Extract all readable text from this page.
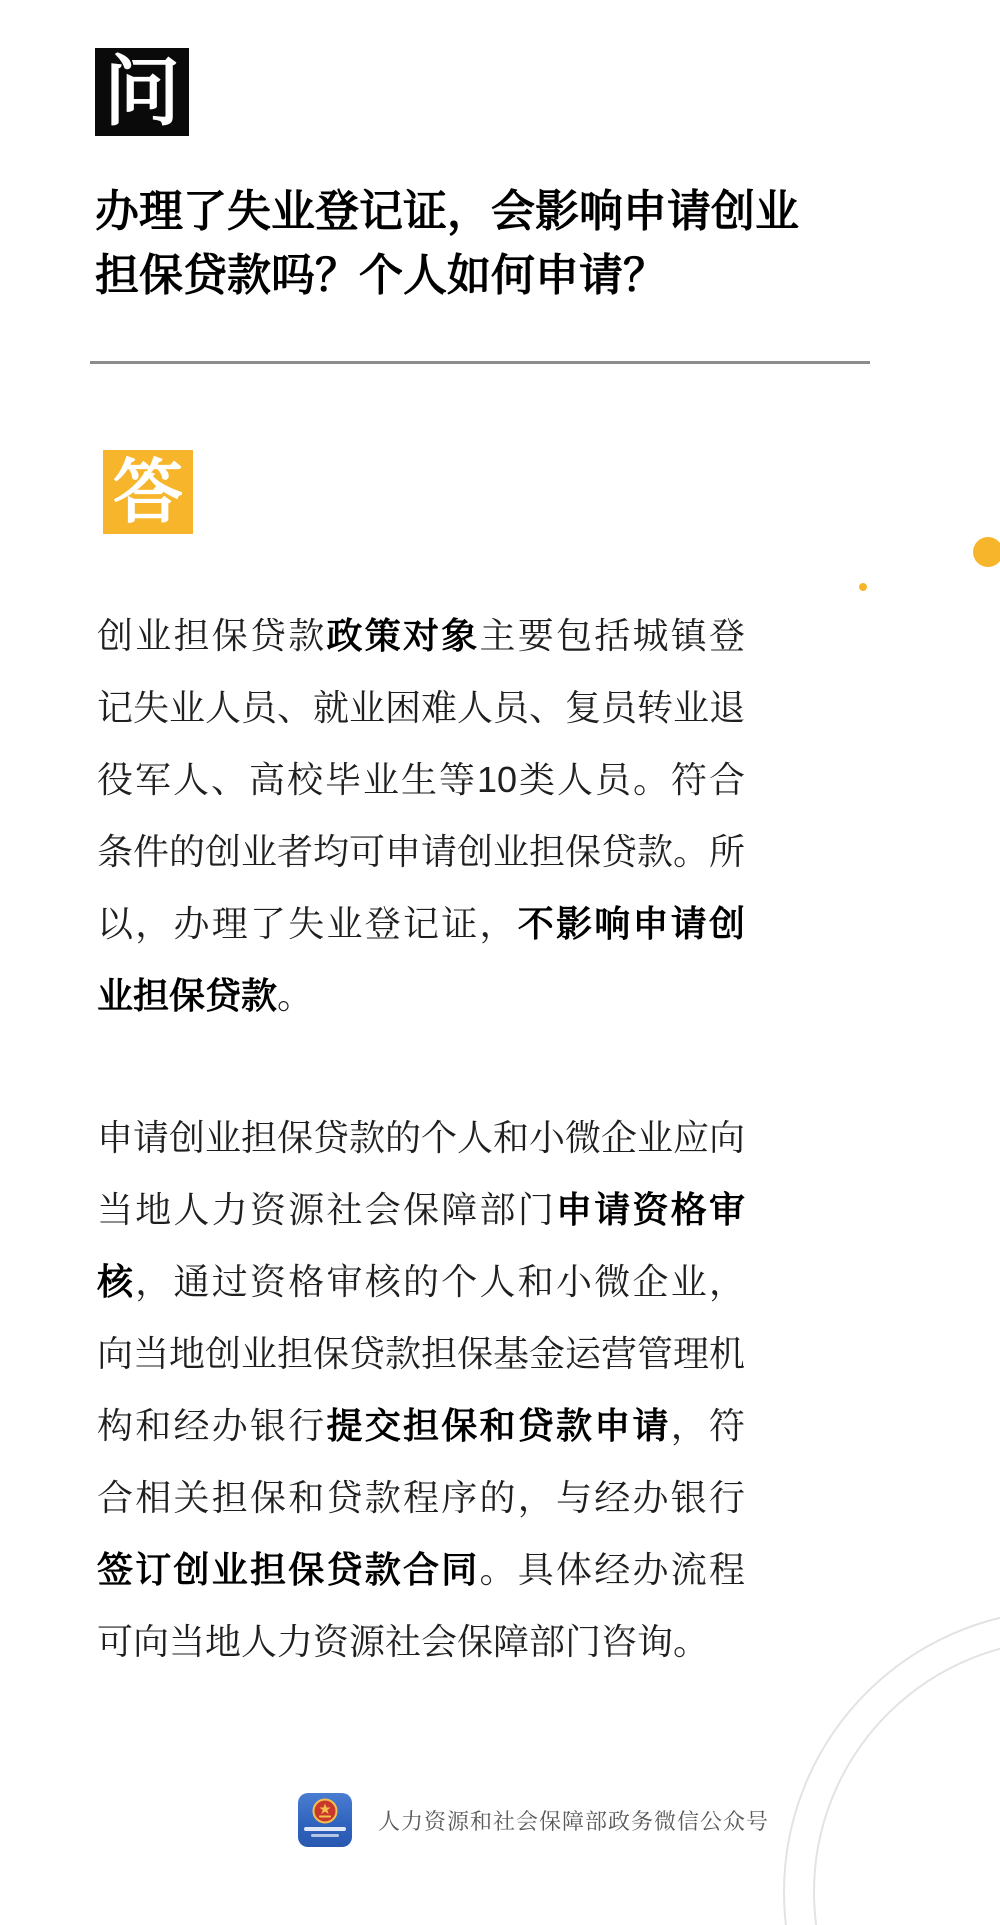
问
办理了失业登记证，会影响申请创业担保贷款吗？个人如何申请？
答

创业担保贷款政策对象主要包括城镇登记失业人员、就业困难人员、复员转业退役军人、高校毕业生等10类人员。符合条件的创业者均可申请创业担保贷款。所以，办理了失业登记证，不影响申请创业担保贷款。

申请创业担保贷款的个人和小微企业应向当地人力资源社会保障部门申请资格审核，通过资格审核的个人和小微企业，向当地创业担保贷款担保基金运营管理机构和经办银行提交担保和贷款申请，符合相关担保和贷款程序的，与经办银行签订创业担保贷款合同。具体经办流程可向当地人力资源社会保障部门咨询。

人力资源和社会保障部政务微信公众号
